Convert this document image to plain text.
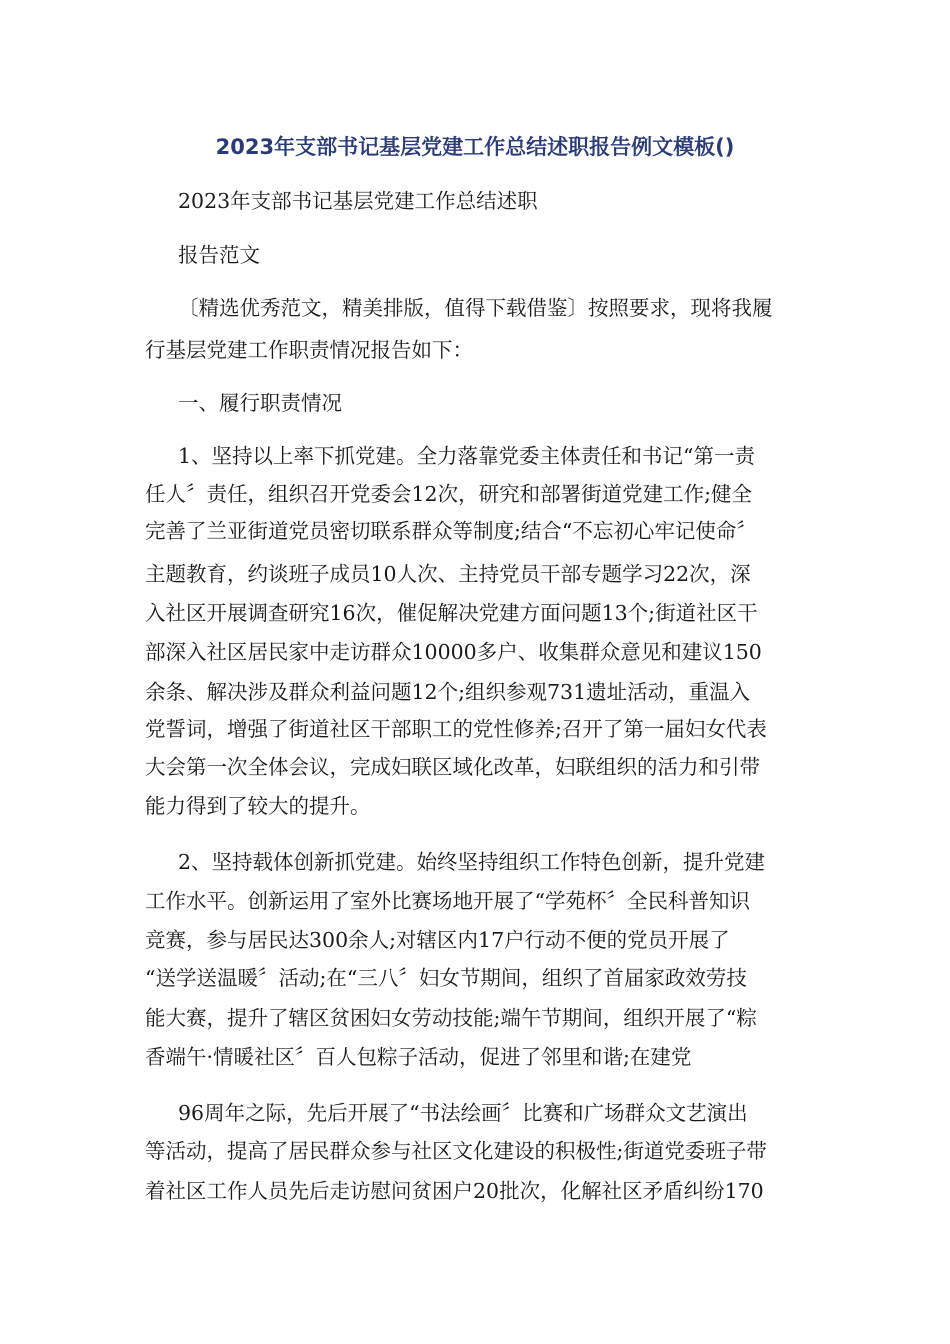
2023年支部书记基层党建工作总结述职报告例文模板()
2023年支部书记基层党建工作总结述职
报告范文
〔精选优秀范文，精美排版，值得下载借鉴〕按照要求，现将我履
行基层党建工作职责情况报告如下：
一、履行职责情况
1、坚持以上率下抓党建。全力落靠党委主体责任和书记“第一责
任人〞责任，组织召开党委会12次，研究和部署街道党建工作;健全
完善了兰亚街道党员密切联系群众等制度;结合“不忘初心牢记使命〞
主题教育，约谈班子成员10人次、主持党员干部专题学习22次，深
入社区开展调查研究16次，催促解决党建方面问题13个;街道社区干
部深入社区居民家中走访群众10000多户、收集群众意见和建议150
余条、解决涉及群众利益问题12个;组织参观731遗址活动，重温入
党誓词，增强了街道社区干部职工的党性修养;召开了第一届妇女代表
大会第一次全体会议，完成妇联区域化改革，妇联组织的活力和引带
能力得到了较大的提升。
2、坚持载体创新抓党建。始终坚持组织工作特色创新，提升党建
工作水平。创新运用了室外比赛场地开展了“学苑杯〞全民科普知识
竞赛，参与居民达300余人;对辖区内17户行动不便的党员开展了
“送学送温暖〞活动;在“三八〞妇女节期间，组织了首届家政效劳技
能大赛，提升了辖区贫困妇女劳动技能;端午节期间，组织开展了“粽
香端午·情暖社区〞百人包粽子活动，促进了邻里和谐;在建党
96周年之际，先后开展了“书法绘画〞比赛和广场群众文艺演出
等活动，提高了居民群众参与社区文化建设的积极性;街道党委班子带
着社区工作人员先后走访慰问贫困户20批次，化解社区矛盾纠纷170
